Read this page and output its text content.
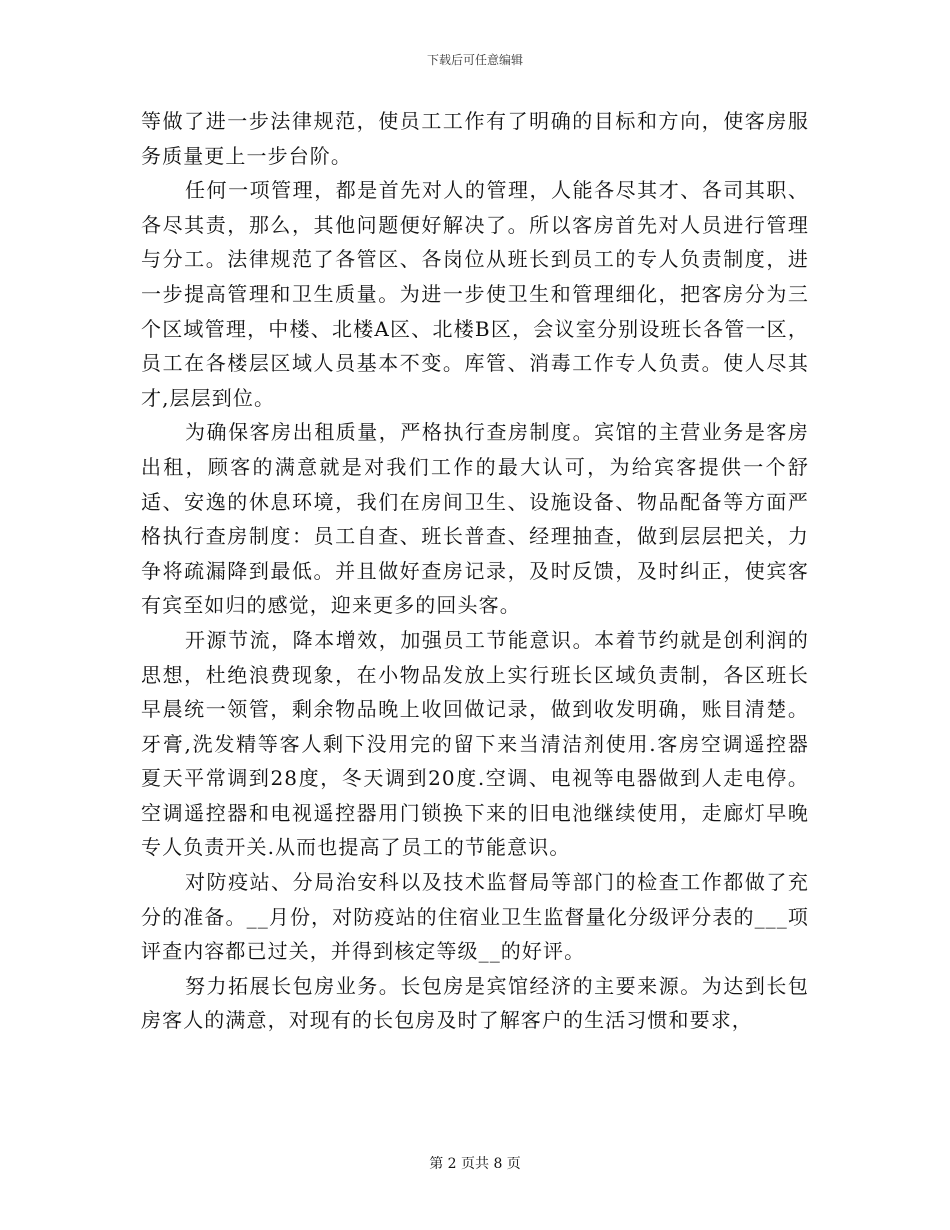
下载后可任意编辑

等做了进一步法律规范，使员工工作有了明确的目标和方向，使客房服务质量更上一步台阶。

任何一项管理，都是首先对人的管理，人能各尽其才、各司其职、各尽其责，那么，其他问题便好解决了。所以客房首先对人员进行管理与分工。法律规范了各管区、各岗位从班长到员工的专人负责制度，进一步提高管理和卫生质量。为进一步使卫生和管理细化，把客房分为三个区域管理，中楼、北楼A区、北楼B区，会议室分别设班长各管一区，员工在各楼层区域人员基本不变。库管、消毒工作专人负责。使人尽其才,层层到位。

为确保客房出租质量，严格执行查房制度。宾馆的主营业务是客房出租，顾客的满意就是对我们工作的最大认可，为给宾客提供一个舒适、安逸的休息环境，我们在房间卫生、设施设备、物品配备等方面严格执行查房制度：员工自查、班长普查、经理抽查，做到层层把关，力争将疏漏降到最低。并且做好查房记录，及时反馈，及时纠正，使宾客有宾至如归的感觉，迎来更多的回头客。

开源节流，降本增效，加强员工节能意识。本着节约就是创利润的思想，杜绝浪费现象，在小物品发放上实行班长区域负责制，各区班长早晨统一领管，剩余物品晚上收回做记录，做到收发明确，账目清楚。牙膏,洗发精等客人剩下没用完的留下来当清洁剂使用.客房空调遥控器夏天平常调到28度，冬天调到20度.空调、电视等电器做到人走电停。空调遥控器和电视遥控器用门锁换下来的旧电池继续使用，走廊灯早晚专人负责开关.从而也提高了员工的节能意识。

对防疫站、分局治安科以及技术监督局等部门的检查工作都做了充分的准备。__月份，对防疫站的住宿业卫生监督量化分级评分表的___项评查内容都已过关，并得到核定等级__的好评。

努力拓展长包房业务。长包房是宾馆经济的主要来源。为达到长包房客人的满意，对现有的长包房及时了解客户的生活习惯和要求，

第 2 页共 8 页
